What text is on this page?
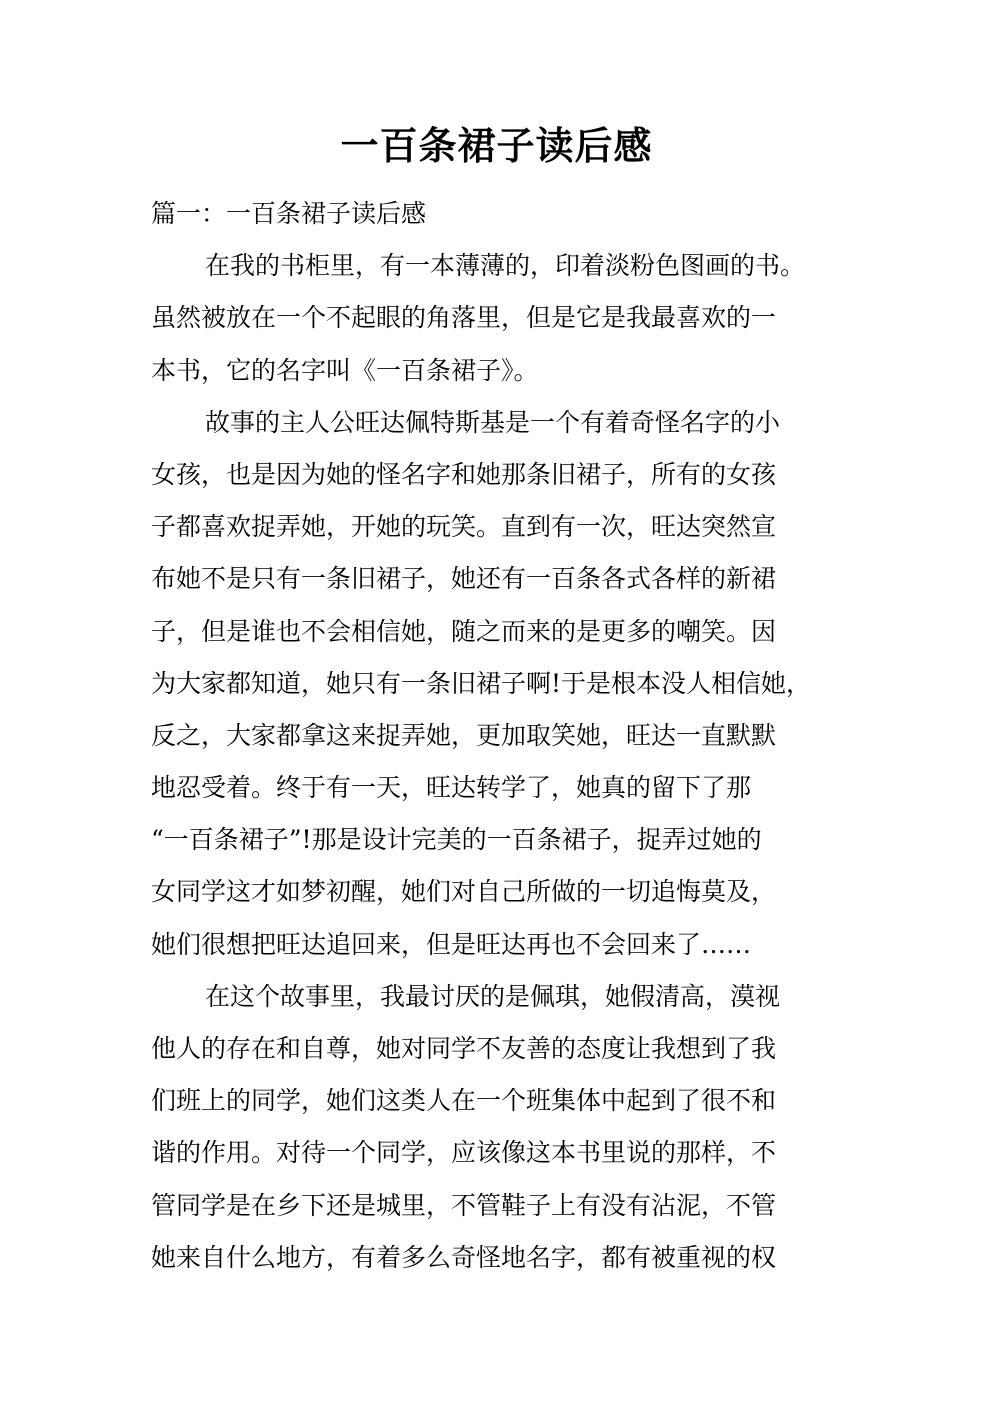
一百条裙子读后感
篇一：一百条裙子读后感
在我的书柜里，有一本薄薄的，印着淡粉色图画的书。
虽然被放在一个不起眼的角落里，但是它是我最喜欢的一
本书，它的名字叫《一百条裙子》。
故事的主人公旺达佩特斯基是一个有着奇怪名字的小
女孩，也是因为她的怪名字和她那条旧裙子，所有的女孩
子都喜欢捉弄她，开她的玩笑。直到有一次，旺达突然宣
布她不是只有一条旧裙子，她还有一百条各式各样的新裙
子，但是谁也不会相信她，随之而来的是更多的嘲笑。因
为大家都知道，她只有一条旧裙子啊!于是根本没人相信她，
反之，大家都拿这来捉弄她，更加取笑她，旺达一直默默
地忍受着。终于有一天，旺达转学了，她真的留下了那
“一百条裙子”!那是设计完美的一百条裙子，捉弄过她的
女同学这才如梦初醒，她们对自己所做的一切追悔莫及，
她们很想把旺达追回来，但是旺达再也不会回来了……
在这个故事里，我最讨厌的是佩琪，她假清高，漠视
他人的存在和自尊，她对同学不友善的态度让我想到了我
们班上的同学，她们这类人在一个班集体中起到了很不和
谐的作用。对待一个同学，应该像这本书里说的那样，不
管同学是在乡下还是城里，不管鞋子上有没有沾泥，不管
她来自什么地方，有着多么奇怪地名字，都有被重视的权
